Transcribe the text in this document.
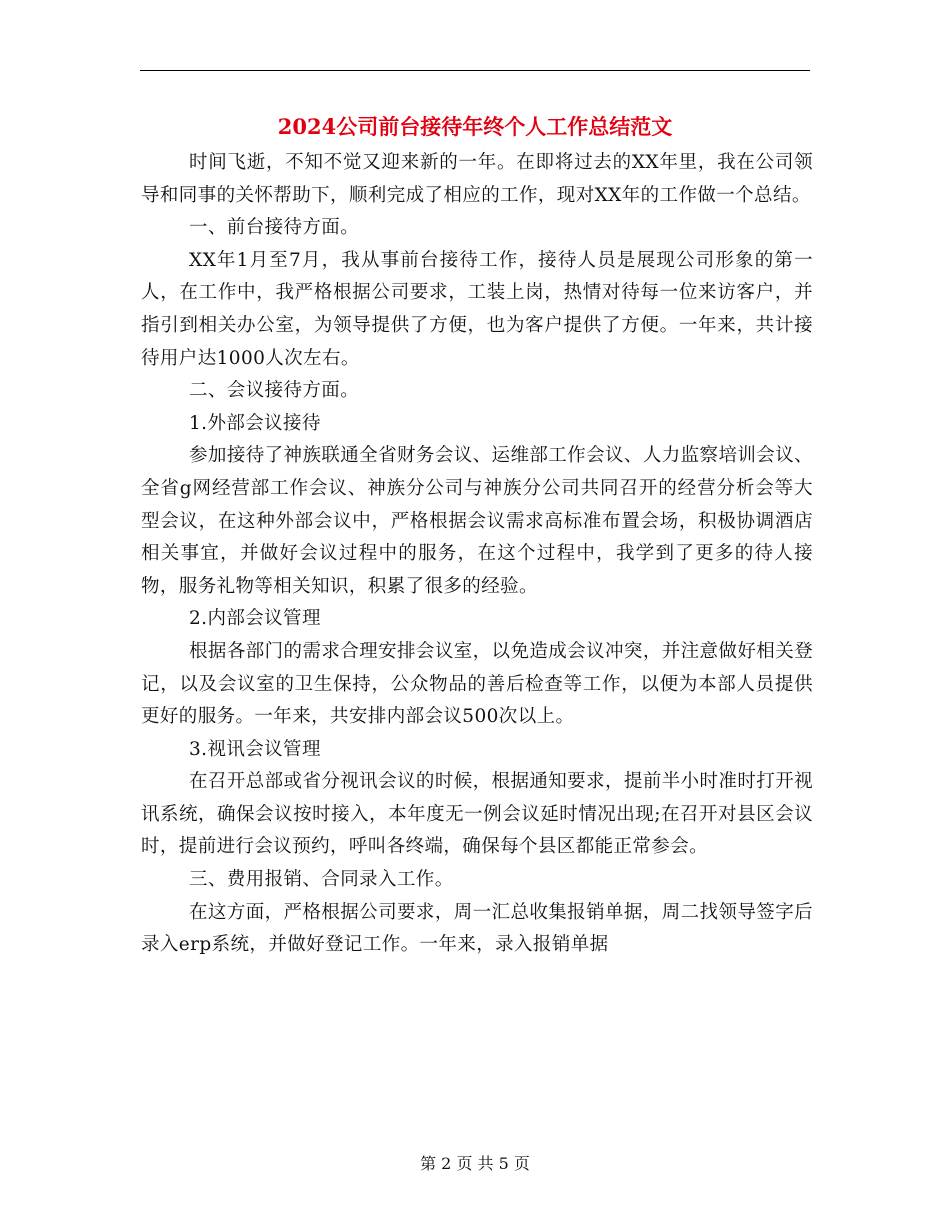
2024公司前台接待年终个人工作总结范文

时间飞逝，不知不觉又迎来新的一年。在即将过去的XX年里，我在公司领导和同事的关怀帮助下，顺利完成了相应的工作，现对XX年的工作做一个总结。

一、前台接待方面。

XX年1月至7月，我从事前台接待工作，接待人员是展现公司形象的第一人，在工作中，我严格根据公司要求，工装上岗，热情对待每一位来访客户，并指引到相关办公室，为领导提供了方便，也为客户提供了方便。一年来，共计接待用户达1000人次左右。

二、会议接待方面。

1.外部会议接待

参加接待了神族联通全省财务会议、运维部工作会议、人力监察培训会议、全省g网经营部工作会议、神族分公司与神族分公司共同召开的经营分析会等大型会议，在这种外部会议中，严格根据会议需求高标准布置会场，积极协调酒店相关事宜，并做好会议过程中的服务，在这个过程中，我学到了更多的待人接物，服务礼物等相关知识，积累了很多的经验。

2.内部会议管理

根据各部门的需求合理安排会议室，以免造成会议冲突，并注意做好相关登记，以及会议室的卫生保持，公众物品的善后检查等工作，以便为本部人员提供更好的服务。一年来，共安排内部会议500次以上。

3.视讯会议管理

在召开总部或省分视讯会议的时候，根据通知要求，提前半小时准时打开视讯系统，确保会议按时接入，本年度无一例会议延时情况出现;在召开对县区会议时，提前进行会议预约，呼叫各终端，确保每个县区都能正常参会。

三、费用报销、合同录入工作。

在这方面，严格根据公司要求，周一汇总收集报销单据，周二找领导签字后录入erp系统，并做好登记工作。一年来，录入报销单据

第 2 页 共 5 页
